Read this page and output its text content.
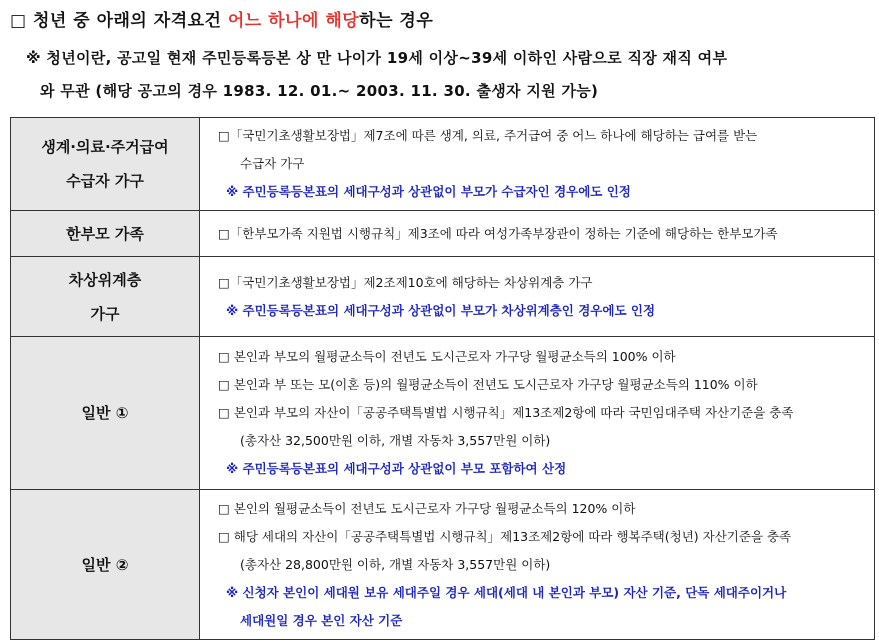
□ 청년 중 아래의 자격요건 어느 하나에 해당하는 경우
※ 청년이란, 공고일 현재 주민등록등본 상 만 나이가 19세 이상~39세 이하인 사람으로 직장 재직 여부
와 무관 (해당 공고의 경우 1983. 12. 01.~ 2003. 11. 30. 출생자 지원 가능)
생계·의료·주거급여
수급자 가구	□「국민기초생활보장법」제7조에 따른 생계, 의료, 주거급여 중 어느 하나에 해당하는 급여를 받는
수급자 가구
※ 주민등록등본표의 세대구성과 상관없이 부모가 수급자인 경우에도 인정

한부모 가족	□「한부모가족 지원법 시행규칙」제3조에 따라 여성가족부장관이 정하는 기준에 해당하는 한부모가족

차상위계층
가구	□「국민기초생활보장법」제2조제10호에 해당하는 차상위계층 가구
※ 주민등록등본표의 세대구성과 상관없이 부모가 차상위계층인 경우에도 인정

일반 ①	□ 본인과 부모의 월평균소득이 전년도 도시근로자 가구당 월평균소득의 100% 이하
□ 본인과 부 또는 모(이혼 등)의 월평균소득이 전년도 도시근로자 가구당 월평균소득의 110% 이하
□ 본인과 부모의 자산이「공공주택특별법 시행규칙」제13조제2항에 따라 국민임대주택 자산기준을 충족
(총자산 32,500만원 이하, 개별 자동차 3,557만원 이하)
※ 주민등록등본표의 세대구성과 상관없이 부모 포함하여 산정

일반 ②	□ 본인의 월평균소득이 전년도 도시근로자 가구당 월평균소득의 120% 이하
□ 해당 세대의 자산이「공공주택특별법 시행규칙」제13조제2항에 따라 행복주택(청년) 자산기준을 충족
(총자산 28,800만원 이하, 개별 자동차 3,557만원 이하)
※ 신청자 본인이 세대원 보유 세대주일 경우 세대(세대 내 본인과 부모) 자산 기준, 단독 세대주이거나
세대원일 경우 본인 자산 기준
